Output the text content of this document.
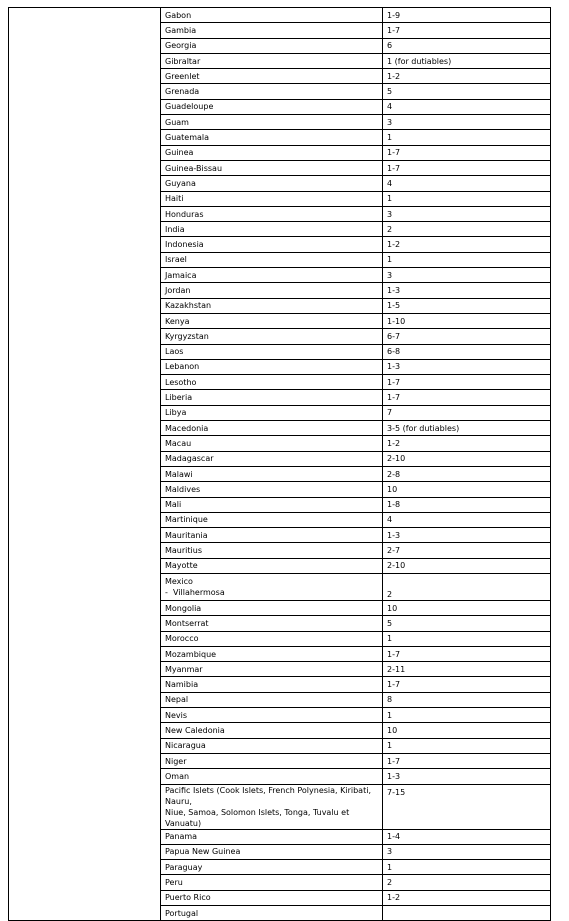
	Gabon	1-9
	Gambia	1-7
	Georgia	6
	Gibraltar	1 (for dutiables)
	Greenlet	1-2
	Grenada	5
	Guadeloupe	4
	Guam	3
	Guatemala	1
	Guinea	1-7
	Guinea-Bissau	1-7
	Guyana	4
	Haiti	1
	Honduras	3
	India	2
	Indonesia	1-2
	Israel	1
	Jamaica	3
	Jordan	1-3
	Kazakhstan	1-5
	Kenya	1-10
	Kyrgyzstan	6-7
	Laos	6-8
	Lebanon	1-3
	Lesotho	1-7
	Liberia	1-7
	Libya	7
	Macedonia	3-5 (for dutiables)
	Macau	1-2
	Madagascar	2-10
	Malawi	2-8
	Maldives	10
	Mali	1-8
	Martinique	4
	Mauritania	1-3
	Mauritius	2-7
	Mayotte	2-10

	Mexico
-  Villahermosa	2
	Mongolia	10
	Montserrat	5
	Morocco	1
	Mozambique	1-7
	Myanmar	2-11
	Namibia	1-7
	Nepal	8
	Nevis	1
	New Caledonia	10
	Nicaragua	1
	Niger	1-7
	Oman	1-3

	Pacific Islets (Cook Islets, French Polynesia, Kiribati, Nauru,
Niue, Samoa, Solomon Islets, Tonga, Tuvalu et Vanuatu)	7-15
	Panama	1-4
	Papua New Guinea	3
	Paraguay	1
	Peru	2
	Puerto Rico	1-2
	Portugal	
